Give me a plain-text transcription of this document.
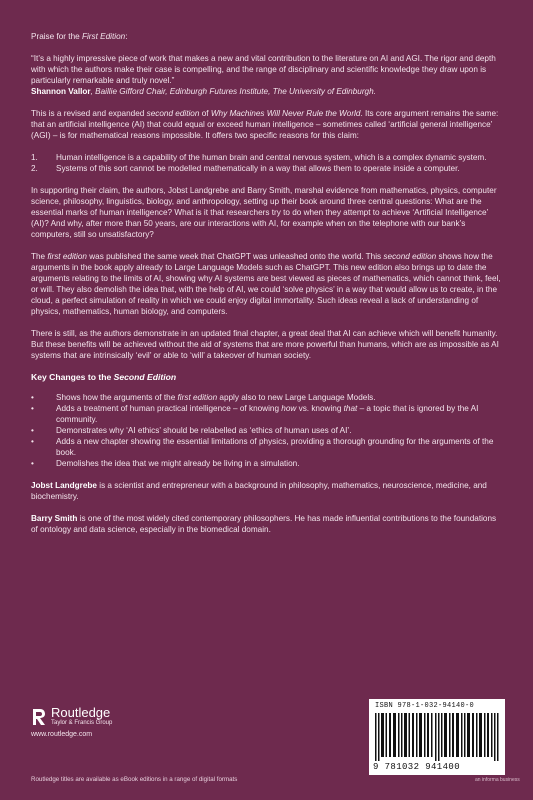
Praise for the First Edition:

“It’s a highly impressive piece of work that makes a new and vital contribution to the literature on AI and AGI. The rigor and depth with which the authors make their case is compelling, and the range of disciplinary and scientific knowledge they draw upon is particularly remarkable and truly novel.”

Shannon Vallor, Baillie Gifford Chair, Edinburgh Futures Institute, The University of Edinburgh.

This is a revised and expanded second edition of Why Machines Will Never Rule the World. Its core argument remains the same: that an artificial intelligence (AI) that could equal or exceed human intelligence – sometimes called ‘artificial general intelligence’ (AGI) – is for mathematical reasons impossible. It offers two specific reasons for this claim:

1.	Human intelligence is a capability of the human brain and central nervous system, which is a complex dynamic system.
2.	Systems of this sort cannot be modelled mathematically in a way that allows them to operate inside a computer.

In supporting their claim, the authors, Jobst Landgrebe and Barry Smith, marshal evidence from mathematics, physics, computer science, philosophy, linguistics, biology, and anthropology, setting up their book around three central questions: What are the essential marks of human intelligence? What is it that researchers try to do when they attempt to achieve ‘Artificial Intelligence’ (AI)? And why, after more than 50 years, are our interactions with AI, for example when on the telephone with our bank’s computers, still so unsatisfactory?

The first edition was published the same week that ChatGPT was unleashed onto the world. This second edition shows how the arguments in the book apply already to Large Language Models such as ChatGPT. This new edition also brings up to date the arguments relating to the limits of AI, showing why AI systems are best viewed as pieces of mathematics, which cannot think, feel, or will. They also demolish the idea that, with the help of AI, we could ‘solve physics’ in a way that would allow us to create, in the cloud, a perfect simulation of reality in which we could enjoy digital immortality. Such ideas reveal a lack of understanding of physics, mathematics, human biology, and computers.

There is still, as the authors demonstrate in an updated final chapter, a great deal that AI can achieve which will benefit humanity. But these benefits will be achieved without the aid of systems that are more powerful than humans, which are as impossible as AI systems that are intrinsically ‘evil’ or able to ‘will’ a takeover of human society.

Key Changes to the Second Edition

•	Shows how the arguments of the first edition apply also to new Large Language Models.
•	Adds a treatment of human practical intelligence – of knowing how vs. knowing that – a topic that is ignored by the AI community.
•	Demonstrates why ‘AI ethics’ should be relabelled as ‘ethics of human uses of AI’.
•	Adds a new chapter showing the essential limitations of physics, providing a thorough grounding for the arguments of the book.
•	Demolishes the idea that we might already be living in a simulation.

Jobst Landgrebe is a scientist and entrepreneur with a background in philosophy, mathematics, neuroscience, medicine, and biochemistry.

Barry Smith is one of the most widely cited contemporary philosophers. He has made influential contributions to the foundations of ontology and data science, especially in the biomedical domain.

Routledge
Taylor & Francis Group
www.routledge.com
Routledge titles are available as eBook editions in a range of digital formats
ISBN 978-1-032-94140-0
9 781032 941400
an informa business
